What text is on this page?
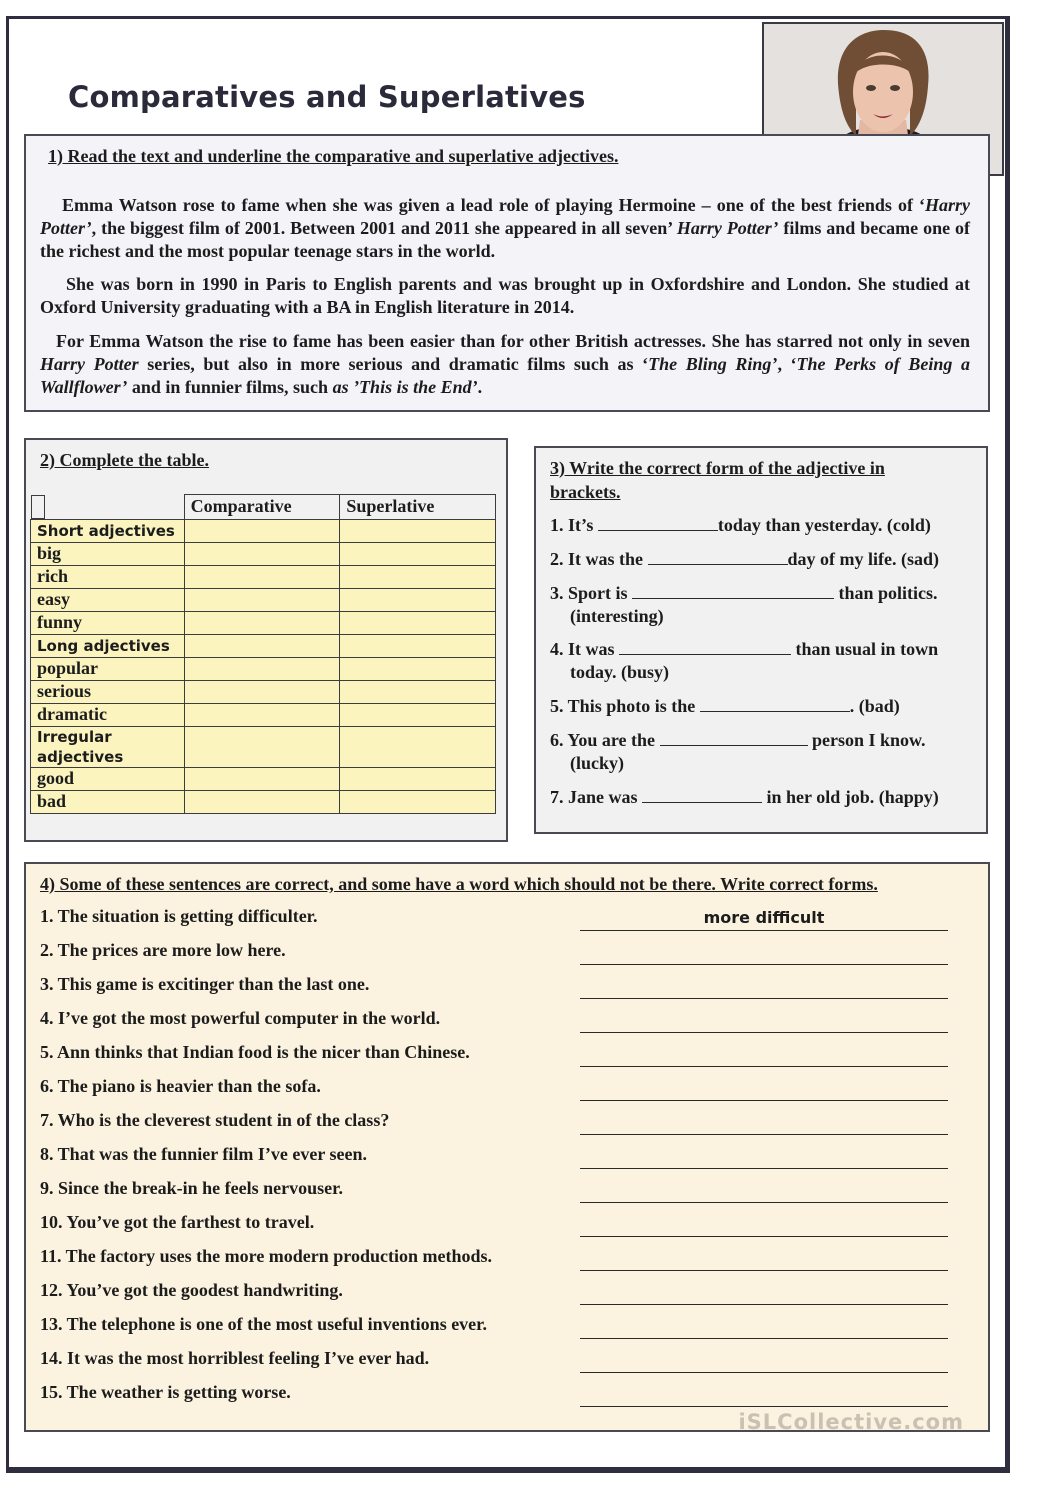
Comparatives and Superlatives
1) Read the text and underline the comparative and superlative adjectives.
Emma Watson rose to fame when she was given a lead role of playing Hermoine – one of the best friends of ‘Harry Potter’, the biggest film of 2001. Between 2001 and 2011 she appeared in all seven’ Harry Potter’ films and became one of the richest and the most popular teenage stars in the world.
She was born in 1990 in Paris to English parents and was brought up in Oxfordshire and London. She studied at Oxford University graduating with a BA in English literature in 2014.
For Emma Watson the rise to fame has been easier than for other British actresses. She has starred not only in seven Harry Potter series, but also in more serious and dramatic films such as ‘The Bling Ring’, ‘The Perks of Being a Wallflower’ and in funnier films, such as ’This is the End’.
2) Complete the table.
Comparative	Superlative
Short adjectives		
big		
rich		
easy		
funny		
Long adjectives		
popular		
serious		
dramatic		
Irregular adjectives		
good		
bad		
3) Write the correct form of the adjective in brackets.
1. It’s	today than yesterday. (cold)
2. It was the	day of my life. (sad)
3. Sport is	than politics.
(interesting)
4. It was	than usual in town
today. (busy)
5. This photo is the	. (bad)
6. You are the	person I know.
(lucky)
7. Jane was	in her old job. (happy)
4) Some of these sentences are correct, and some have a word which should not be there. Write correct forms.
1. The situation is getting difficulter.	more difficult
2. The prices are more low here.
3. This game is excitinger than the last one.
4. I’ve got the most powerful computer in the world.
5. Ann thinks that Indian food is the nicer than Chinese.
6. The piano is heavier than the sofa.
7. Who is the cleverest student in of the class?
8. That was the funnier film I’ve ever seen.
9. Since the break-in he feels nervouser.
10. You’ve got the farthest to travel.
11. The factory uses the more modern production methods.
12. You’ve got the goodest handwriting.
13. The telephone is one of the most useful inventions ever.
14. It was the most horriblest feeling I’ve ever had.
15. The weather is getting worse.
iSLCollective.com
